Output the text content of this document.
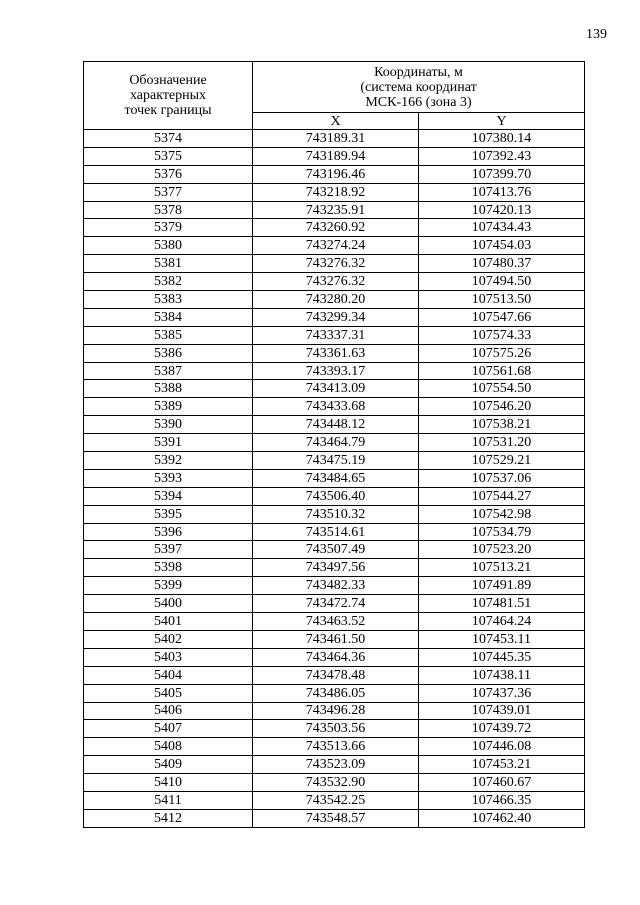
139
Обозначение
характерных
точек границы	Координаты, м
(система координат
МСК-166 (зона 3)	

	X	Y
5374	743189.31	107380.14
5375	743189.94	107392.43
5376	743196.46	107399.70
5377	743218.92	107413.76
5378	743235.91	107420.13
5379	743260.92	107434.43
5380	743274.24	107454.03
5381	743276.32	107480.37
5382	743276.32	107494.50
5383	743280.20	107513.50
5384	743299.34	107547.66
5385	743337.31	107574.33
5386	743361.63	107575.26
5387	743393.17	107561.68
5388	743413.09	107554.50
5389	743433.68	107546.20
5390	743448.12	107538.21
5391	743464.79	107531.20
5392	743475.19	107529.21
5393	743484.65	107537.06
5394	743506.40	107544.27
5395	743510.32	107542.98
5396	743514.61	107534.79
5397	743507.49	107523.20
5398	743497.56	107513.21
5399	743482.33	107491.89
5400	743472.74	107481.51
5401	743463.52	107464.24
5402	743461.50	107453.11
5403	743464.36	107445.35
5404	743478.48	107438.11
5405	743486.05	107437.36
5406	743496.28	107439.01
5407	743503.56	107439.72
5408	743513.66	107446.08
5409	743523.09	107453.21
5410	743532.90	107460.67
5411	743542.25	107466.35
5412	743548.57	107462.40
